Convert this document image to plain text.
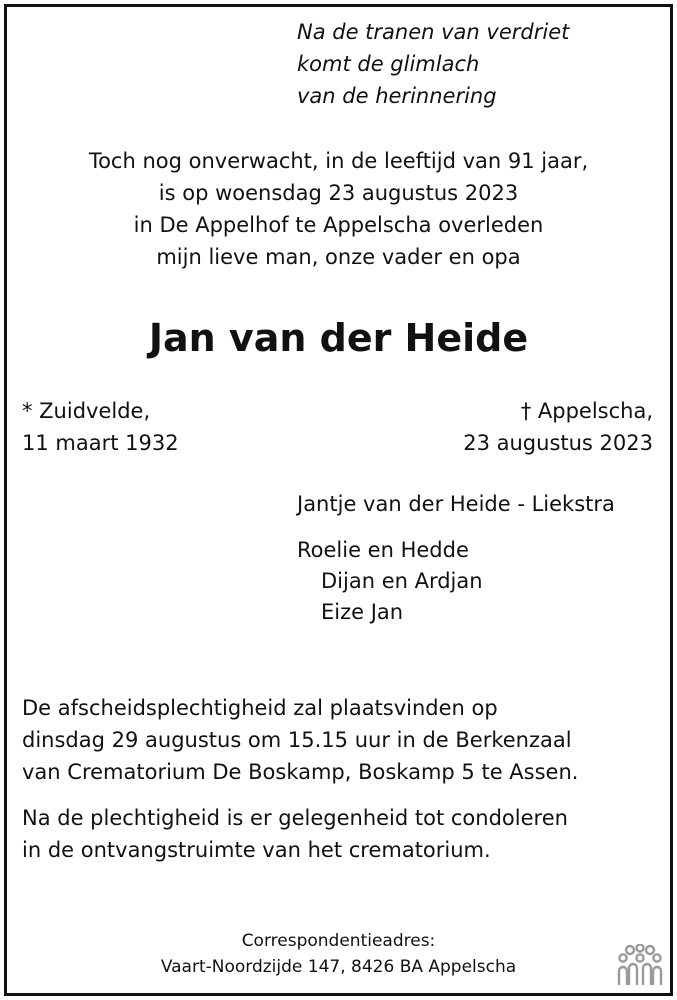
Na de tranen van verdriet
komt de glimlach
van de herinnering
Toch nog onverwacht, in de leeftijd van 91 jaar,
is op woensdag 23 augustus 2023
in De Appelhof te Appelscha overleden
mijn lieve man, onze vader en opa
Jan van der Heide
* Zuidvelde,
11 maart 1932
† Appelscha,
23 augustus 2023
Jantje van der Heide - Liekstra
Roelie en Hedde
Dijan en Ardjan
Eize Jan
De afscheidsplechtigheid zal plaatsvinden op
dinsdag 29 augustus om 15.15 uur in de Berkenzaal
van Crematorium De Boskamp, Boskamp 5 te Assen.
Na de plechtigheid is er gelegenheid tot condoleren
in de ontvangstruimte van het crematorium.
Correspondentieadres:
Vaart-Noordzijde 147, 8426 BA Appelscha
